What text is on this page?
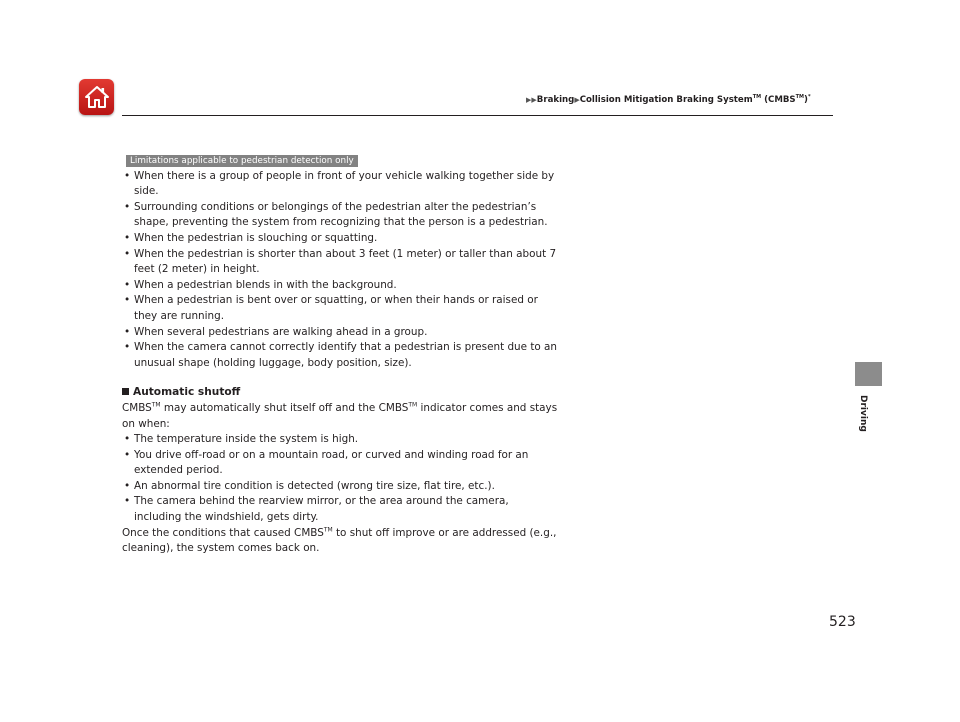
▶▶Braking▶Collision Mitigation Braking System™ (CMBS™)*
Driving
Limitations applicable to pedestrian detection only
• When there is a group of people in front of your vehicle walking together side by side.
• Surrounding conditions or belongings of the pedestrian alter the pedestrian’s shape, preventing the system from recognizing that the person is a pedestrian.
• When the pedestrian is slouching or squatting.
• When the pedestrian is shorter than about 3 feet (1 meter) or taller than about 7 feet (2 meter) in height.
• When a pedestrian blends in with the background.
• When a pedestrian is bent over or squatting, or when their hands or raised or they are running.
• When several pedestrians are walking ahead in a group.
• When the camera cannot correctly identify that a pedestrian is present due to an unusual shape (holding luggage, body position, size).
Automatic shutoff

CMBS™ may automatically shut itself off and the CMBS™ indicator comes and stays on when:

• The temperature inside the system is high.
• You drive off-road or on a mountain road, or curved and winding road for an extended period.
• An abnormal tire condition is detected (wrong tire size, flat tire, etc.).
• The camera behind the rearview mirror, or the area around the camera, including the windshield, gets dirty.

Once the conditions that caused CMBS™ to shut off improve or are addressed (e.g., cleaning), the system comes back on.

523
